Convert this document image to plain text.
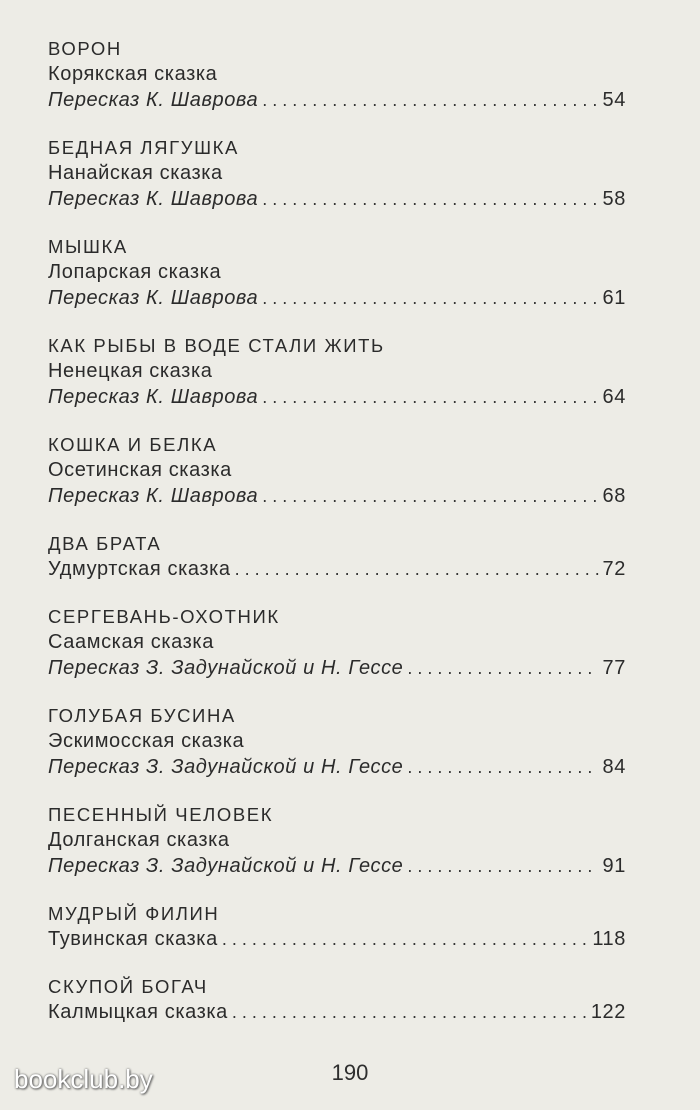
ВОРОН
Корякская сказка
Пересказ К. Шаврова . . .	54
БЕДНАЯ ЛЯГУШКА
Нанайская сказка
Пересказ К. Шаврова . . .	58
МЫШКА
Лопарская сказка
Пересказ К. Шаврова . . .	61
КАК РЫБЫ В ВОДЕ СТАЛИ ЖИТЬ
Ненецкая сказка
Пересказ К. Шаврова . . .	64
КОШКА И БЕЛКА
Осетинская сказка
Пересказ К. Шаврова . . .	68
ДВА БРАТА
Удмуртская сказка . . .	72
СЕРГЕВАНЬ-ОХОТНИК
Саамская сказка
Пересказ З. Задунайской и Н. Гессе . . .	77
ГОЛУБАЯ БУСИНА
Эскимосская сказка
Пересказ З. Задунайской и Н. Гессе . . .	84
ПЕСЕННЫЙ ЧЕЛОВЕК
Долганская сказка
Пересказ З. Задунайской и Н. Гессе . . .	91
МУДРЫЙ ФИЛИН
Тувинская сказка . . .	118
СКУПОЙ БОГАЧ
Калмыцкая сказка . . .	122
190
bookclub.by
